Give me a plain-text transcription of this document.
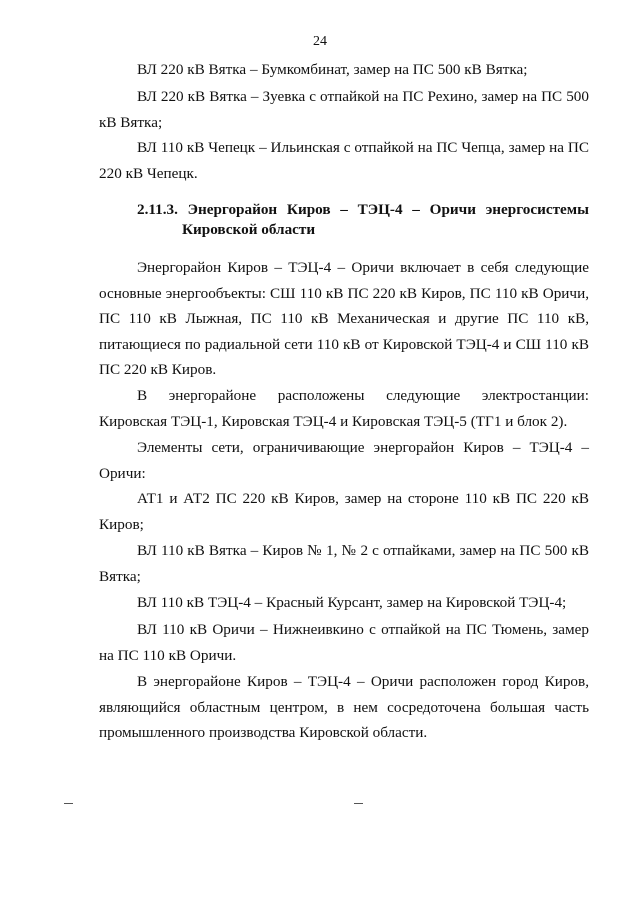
24

ВЛ 220 кВ Вятка – Бумкомбинат, замер на ПС 500 кВ Вятка;

ВЛ 220 кВ Вятка – Зуевка с отпайкой на ПС Рехино, замер на ПС 500 кВ Вятка;

ВЛ 110 кВ Чепецк – Ильинская с отпайкой на ПС Чепца, замер на ПС 220 кВ Чепецк.

2.11.3. Энергорайон Киров – ТЭЦ-4 – Оричи энергосистемы
Кировской области

Энергорайон Киров – ТЭЦ-4 – Оричи включает в себя следующие основные энергообъекты: СШ 110 кВ ПС 220 кВ Киров, ПС 110 кВ Оричи, ПС 110 кВ Лыжная, ПС 110 кВ Механическая и другие ПС 110 кВ, питающиеся по радиальной сети 110 кВ от Кировской ТЭЦ-4 и СШ 110 кВ ПС 220 кВ Киров.

В энергорайоне расположены следующие электростанции: Кировская ТЭЦ-1, Кировская ТЭЦ-4 и Кировская ТЭЦ-5 (ТГ1 и блок 2).

Элементы сети, ограничивающие энергорайон Киров – ТЭЦ-4 – Оричи:

АТ1 и АТ2 ПС 220 кВ Киров, замер на стороне 110 кВ ПС 220 кВ Киров;

ВЛ 110 кВ Вятка – Киров № 1, № 2 с отпайками, замер на ПС 500 кВ Вятка;

ВЛ 110 кВ ТЭЦ-4 – Красный Курсант, замер на Кировской ТЭЦ-4;

ВЛ 110 кВ Оричи – Нижнеивкино с отпайкой на ПС Тюмень, замер на ПС 110 кВ Оричи.

В энергорайоне Киров – ТЭЦ-4 – Оричи расположен город Киров, являющийся областным центром, в нем сосредоточена большая часть промышленного производства Кировской области.
